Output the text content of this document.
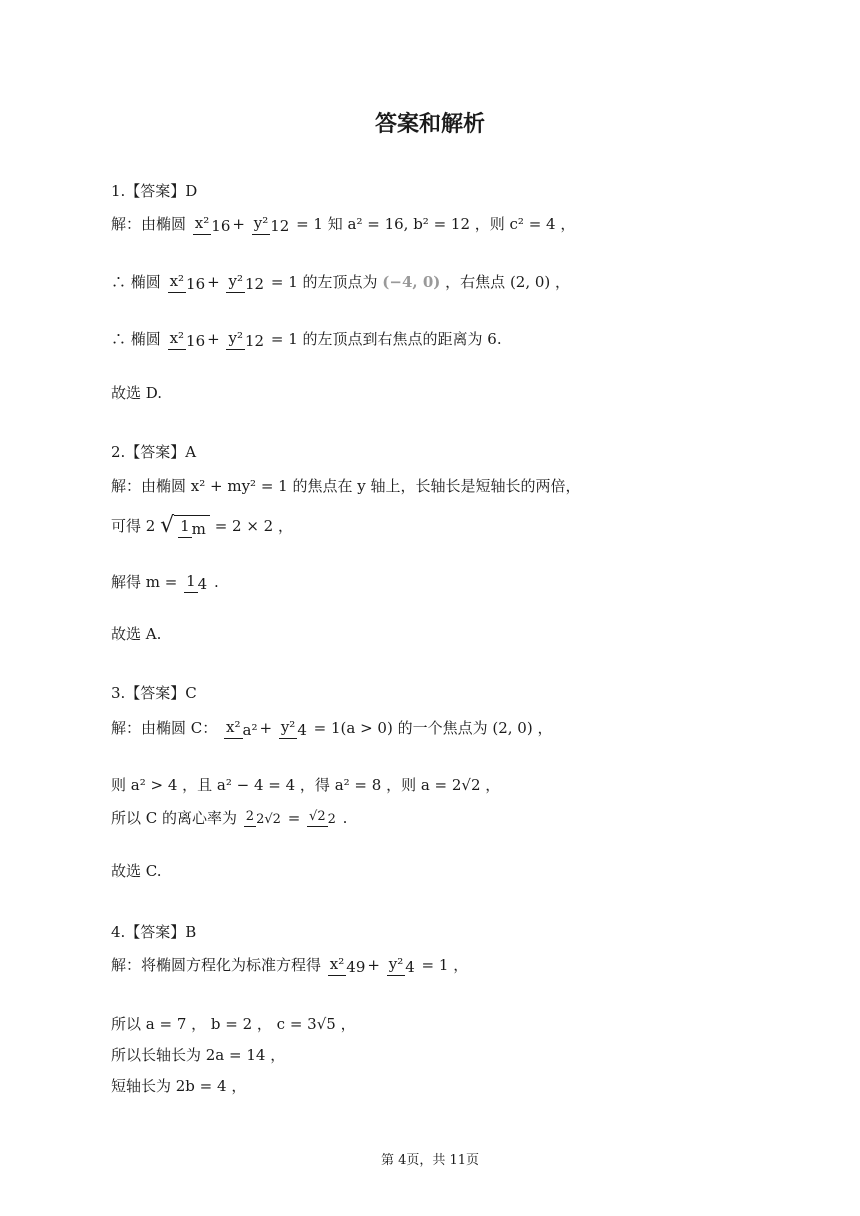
答案和解析
1.【答案】D
解：由椭圆 x² 16 + y² 12 = 1 知 a² = 16, b² = 12 ，则 c² = 4 ，
∴ 椭圆 x² 16 + y² 12 = 1 的左顶点为 (−4, 0) ，右焦点 (2, 0) ，
∴ 椭圆 x² 16 + y² 12 = 1 的左顶点到右焦点的距离为 6.
故选 D.
2.【答案】A
解：由椭圆 x² + my² = 1 的焦点在 y 轴上，长轴长是短轴长的两倍，
可得 2 √ 1 m = 2 × 2 ，
解得 m = 1 4 .
故选 A.
3.【答案】C
解：由椭圆 C： x² a² + y² 4 = 1(a > 0) 的一个焦点为 (2, 0) ，
则 a² > 4 ，且 a² − 4 = 4 ，得 a² = 8 ，则 a = 2√2 ，
所以 C 的离心率为 2 2√2 = √2 2 .
故选 C.
4.【答案】B
解：将椭圆方程化为标准方程得 x² 49 + y² 4 = 1 ，
所以 a = 7 ， b = 2 ， c = 3√5 ，
所以长轴长为 2a = 14 ，
短轴长为 2b = 4 ，
第 4页，共 11页
